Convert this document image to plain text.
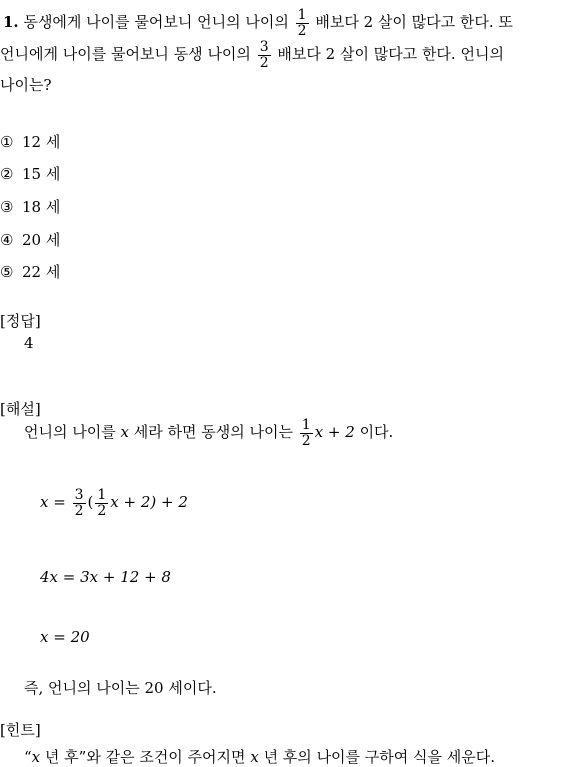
1. 동생에게 나이를 물어보니 언니의 나이의 $\frac{1}{2}$ 배보다 2 살이 많다고 한다. 또
언니에게 나이를 물어보니 동생 나이의 $\frac{3}{2}$ 배보다 2 살이 많다고 한다. 언니의
나이는?
① 12 세
② 15 세
③ 18 세
④ 20 세
⑤ 22 세
[정답]
4
[해설]
언니의 나이를 x 세라 하면 동생의 나이는 $\frac{1}{2}$ x + 2 이다.
$x = \frac{3}{2}$ ( $\frac{1}{2}$ x + 2) + 2
4x = 3x + 12 + 8
x = 20
즉, 언니의 나이는 20 세이다.
[힌트]
“x 년 후”와 같은 조건이 주어지면 x 년 후의 나이를 구하여 식을 세운다.
